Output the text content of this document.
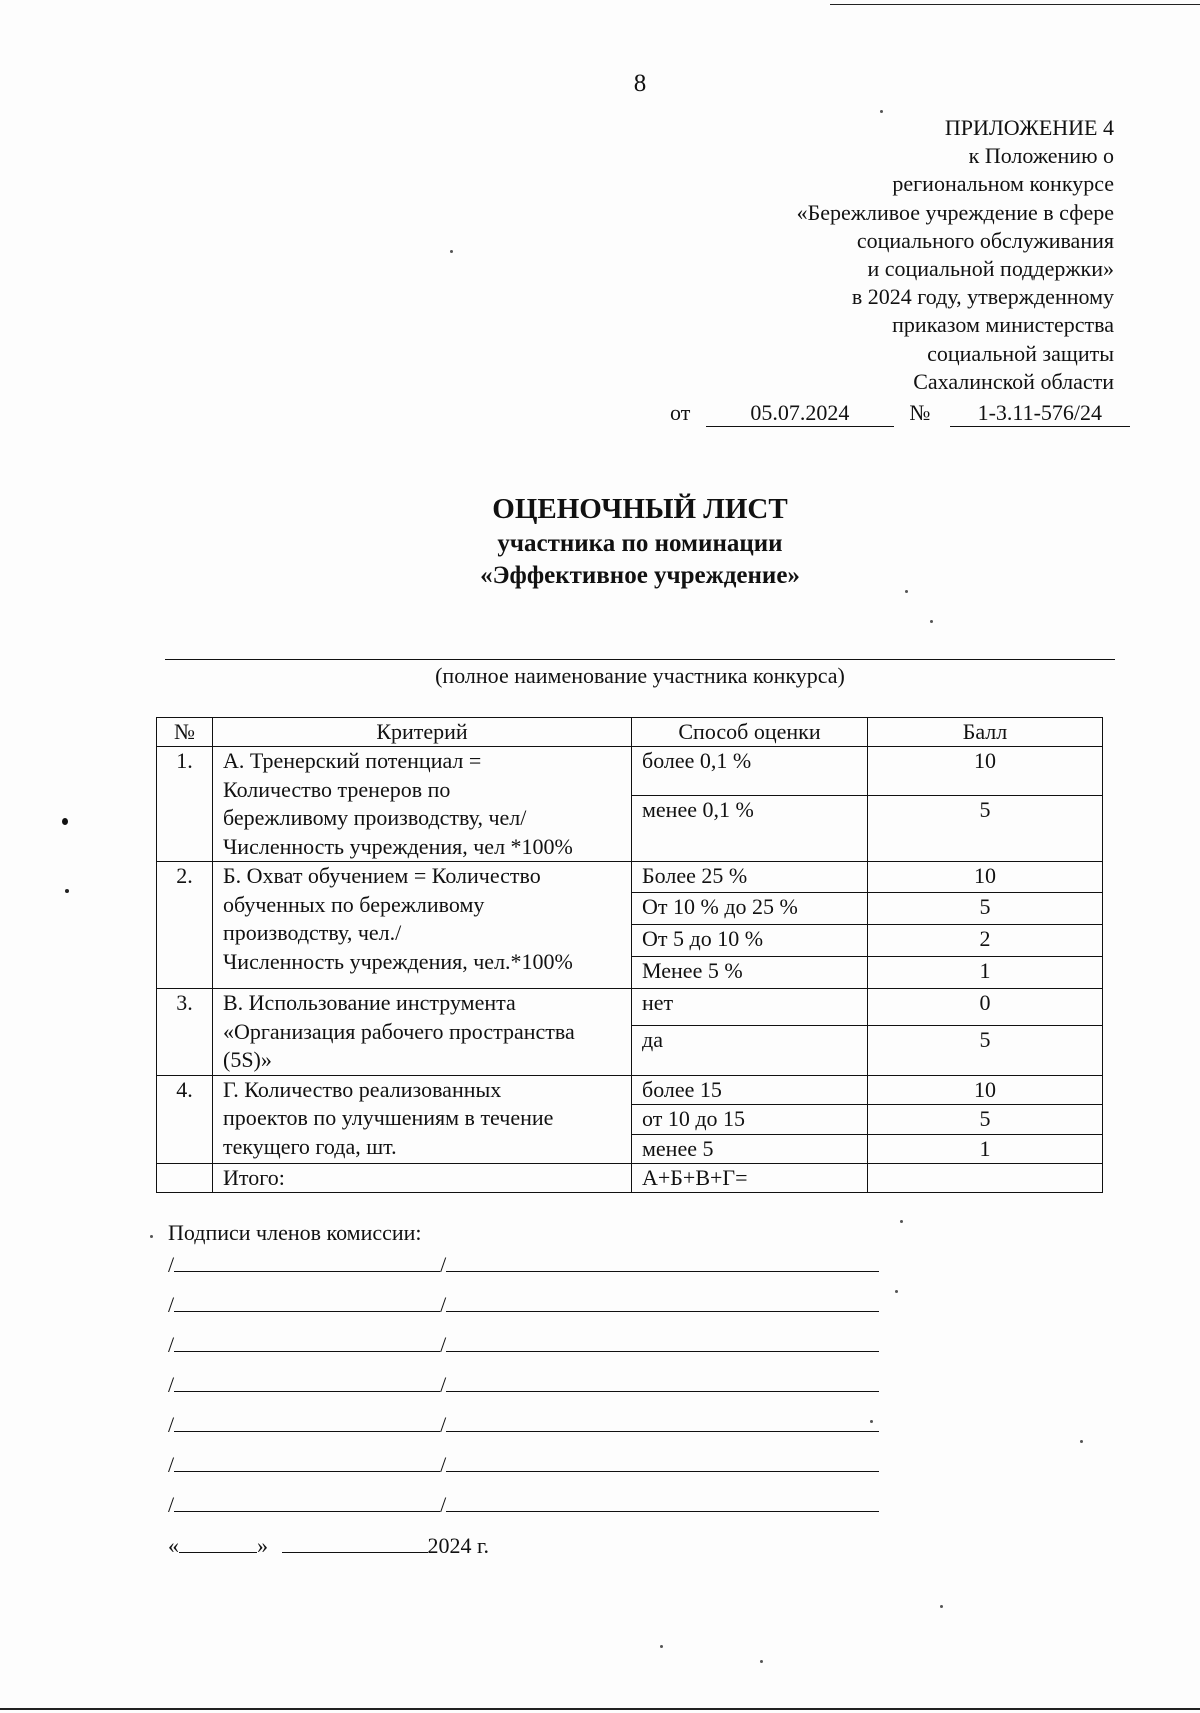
8
ПРИЛОЖЕНИЕ 4
к Положению о
региональном конкурсе
«Бережливое учреждение в сфере
социального обслуживания
и социальной поддержки»
в 2024 году, утвержденному
приказом министерства
социальной защиты
Сахалинской области
от	05.07.2024	№ 1-3.11-576/24
ОЦЕНОЧНЫЙ ЛИСТ
участника по номинации
«Эффективное учреждение»
(полное наименование участника конкурса)
№	Критерий	Способ оценки	Балл
1.	А. Тренерский потенциал =
Количество тренеров по
бережливому производству, чел/
Численность учреждения, чел *100%	более 0,1 %	10
		менее 0,1 %	5
2.	Б. Охват обучением = Количество
обученных по бережливому
производству, чел./
Численность учреждения, чел.*100%	Более 25 %	10
		От 10 % до 25 %	5
		От 5 до 10 %	2
		Менее 5 %	1
3.	В. Использование инструмента
«Организация рабочего пространства
(5S)»	нет	0
		да	5
4.	Г. Количество реализованных
проектов по улучшениям в течение
текущего года, шт.	более 15	10
		от 10 до 15	5
		менее 5	1
	Итого:	А+Б+В+Г=	
Подписи членов комиссии:
/	/
/	/
/	/
/	/
/	/
/	/
/	/
«	»	2024 г.
